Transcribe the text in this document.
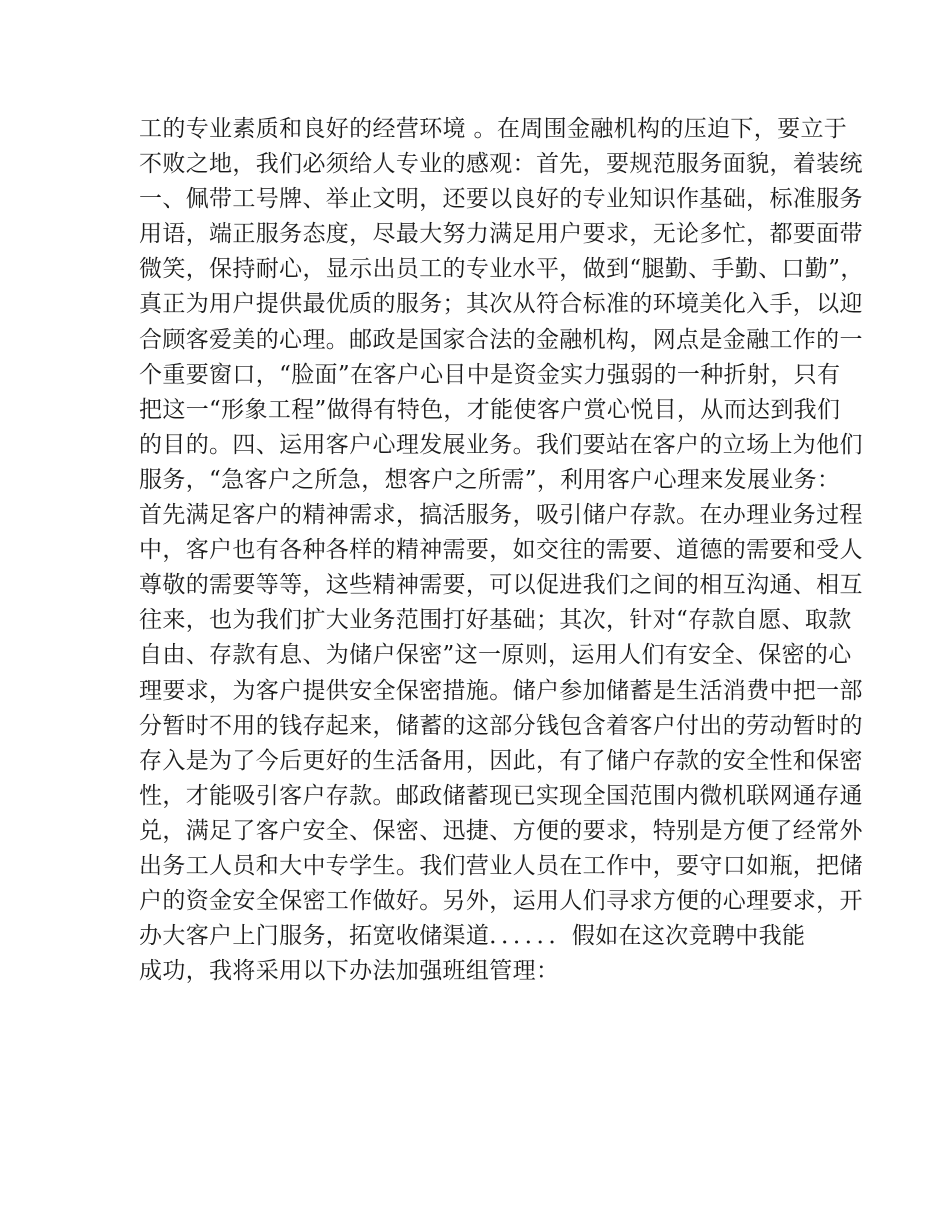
工的专业素质和良好的经营环境 。在周围金融机构的压迫下，要立于
不败之地，我们必须给人专业的感观：首先，要规范服务面貌，着装统
一、佩带工号牌、举止文明，还要以良好的专业知识作基础，标准服务
用语，端正服务态度，尽最大努力满足用户要求，无论多忙，都要面带
微笑，保持耐心，显示出员工的专业水平，做到“腿勤、手勤、口勤”，
真正为用户提供最优质的服务；其次从符合标准的环境美化入手，以迎
合顾客爱美的心理。邮政是国家合法的金融机构，网点是金融工作的一
个重要窗口，“脸面”在客户心目中是资金实力强弱的一种折射，只有
把这一“形象工程”做得有特色，才能使客户赏心悦目，从而达到我们
的目的。四、运用客户心理发展业务。我们要站在客户的立场上为他们
服务，“急客户之所急，想客户之所需”，利用客户心理来发展业务：
首先满足客户的精神需求，搞活服务，吸引储户存款。在办理业务过程
中，客户也有各种各样的精神需要，如交往的需要、道德的需要和受人
尊敬的需要等等，这些精神需要，可以促进我们之间的相互沟通、相互
往来，也为我们扩大业务范围打好基础；其次，针对“存款自愿、取款
自由、存款有息、为储户保密”这一原则，运用人们有安全、保密的心
理要求，为客户提供安全保密措施。储户参加储蓄是生活消费中把一部
分暂时不用的钱存起来，储蓄的这部分钱包含着客户付出的劳动暂时的
存入是为了今后更好的生活备用，因此，有了储户存款的安全性和保密
性，才能吸引客户存款。邮政储蓄现已实现全国范围内微机联网通存通
兑，满足了客户安全、保密、迅捷、方便的要求，特别是方便了经常外
出务工人员和大中专学生。我们营业人员在工作中，要守口如瓶，把储
户的资金安全保密工作做好。另外，运用人们寻求方便的心理要求，开
办大客户上门服务，拓宽收储渠道．．．．．．假如在这次竞聘中我能
成功，我将采用以下办法加强班组管理：
